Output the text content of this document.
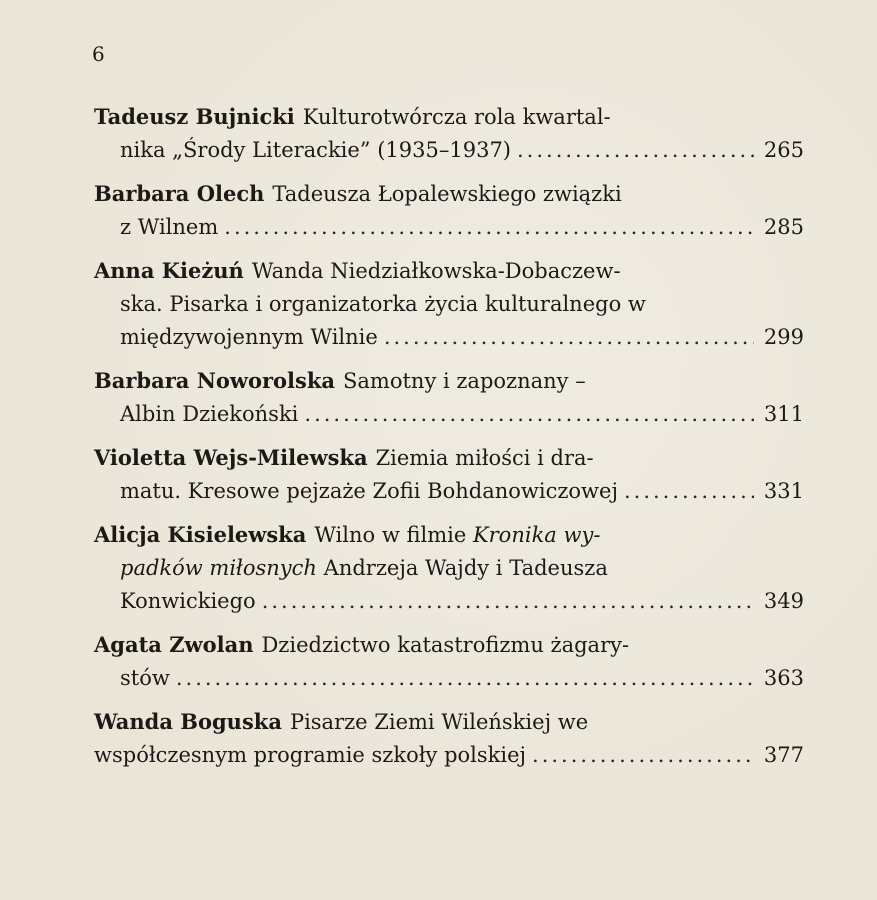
6
Tadeusz Bujnicki Kulturotwórcza rola kwartal-
nika „Środy Literackie” (1935–1937) .....	265
Barbara Olech Tadeusza Łopalewskiego związki
z Wilnem .....	285
Anna Kieżuń Wanda Niedziałkowska-Dobaczew-
ska. Pisarka i organizatorka życia kulturalnego w
międzywojennym Wilnie .....	299
Barbara Noworolska Samotny i zapoznany –
Albin Dziekoński .....	311
Violetta Wejs-Milewska Ziemia miłości i dra-
matu. Kresowe pejzaże Zofii Bohdanowiczowej .....	331
Alicja Kisielewska Wilno w filmie
Kronika wy-
padków miłosnych
Andrzeja Wajdy i Tadeusza
Konwickiego .....	349
Agata Zwolan Dziedzictwo katastrofizmu żagary-
stów .....	363
Wanda Boguska Pisarze Ziemi Wileńskiej we
współczesnym programie szkoły polskiej .....	377
